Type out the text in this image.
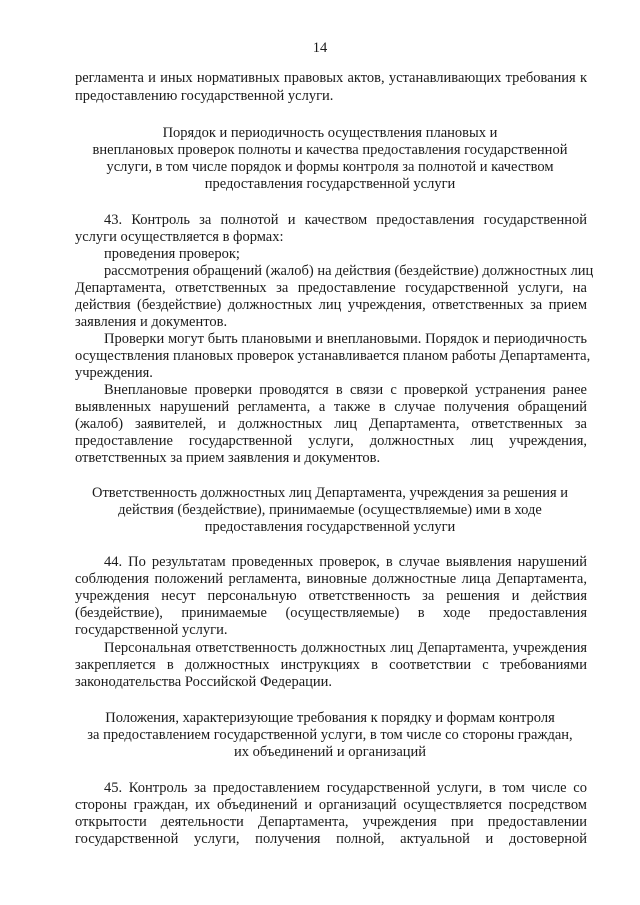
14
регламента и иных нормативных правовых актов, устанавливающих требования к
предоставлению государственной услуги.
Порядок и периодичность осуществления плановых и
внеплановых проверок полноты и качества предоставления государственной
услуги, в том числе порядок и формы контроля за полнотой и качеством
предоставления государственной услуги
43. Контроль за полнотой и качеством предоставления государственной
услуги осуществляется в формах:
проведения проверок;
рассмотрения обращений (жалоб) на действия (бездействие) должностных лиц
Департамента, ответственных за предоставление государственной услуги, на
действия (бездействие) должностных лиц учреждения, ответственных за прием
заявления и документов.
Проверки могут быть плановыми и внеплановыми. Порядок и периодичность
осуществления плановых проверок устанавливается планом работы Департамента,
учреждения.
Внеплановые проверки проводятся в связи с проверкой устранения ранее
выявленных нарушений регламента, а также в случае получения обращений
(жалоб) заявителей, и должностных лиц Департамента, ответственных за
предоставление государственной услуги, должностных лиц учреждения,
ответственных за прием заявления и документов.
Ответственность должностных лиц Департамента, учреждения за решения и
действия (бездействие), принимаемые (осуществляемые) ими в ходе
предоставления государственной услуги
44. По результатам проведенных проверок, в случае выявления нарушений
соблюдения положений регламента, виновные должностные лица Департамента,
учреждения несут персональную ответственность за решения и действия
(бездействие), принимаемые (осуществляемые) в ходе предоставления
государственной услуги.
Персональная ответственность должностных лиц Департамента, учреждения
закрепляется в должностных инструкциях в соответствии с требованиями
законодательства Российской Федерации.
Положения, характеризующие требования к порядку и формам контроля
за предоставлением государственной услуги, в том числе со стороны граждан,
их объединений и организаций
45. Контроль за предоставлением государственной услуги, в том числе со
стороны граждан, их объединений и организаций осуществляется посредством
открытости деятельности Департамента, учреждения при предоставлении
государственной услуги, получения полной, актуальной и достоверной
